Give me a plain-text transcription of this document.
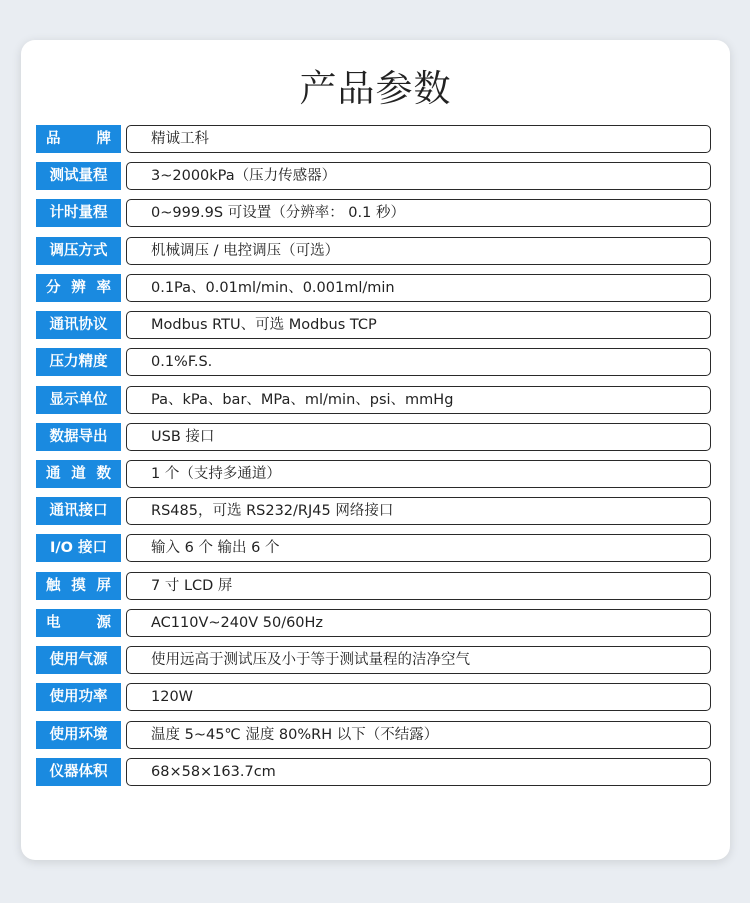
产品参数
品牌	精诚工科
测试量程	3~2000kPa（压力传感器）
计时量程	0~999.9S 可设置（分辨率： 0.1 秒）
调压方式	机械调压 / 电控调压（可选）
分辨率	0.1Pa、0.01ml/min、0.001ml/min
通讯协议	Modbus RTU、可选 Modbus TCP
压力精度	0.1%F.S.
显示单位	Pa、kPa、bar、MPa、ml/min、psi、mmHg
数据导出	USB 接口
通道数	1 个（支持多通道）
通讯接口	RS485，可选 RS232/RJ45 网络接口
I/O 接口	输入 6 个 输出 6 个
触摸屏	7 寸 LCD 屏
电源	AC110V~240V 50/60Hz
使用气源	使用远高于测试压及小于等于测试量程的洁净空气
使用功率	120W
使用环境	温度 5~45℃ 湿度 80%RH 以下（不结露）
仪器体积	68×58×163.7cm
